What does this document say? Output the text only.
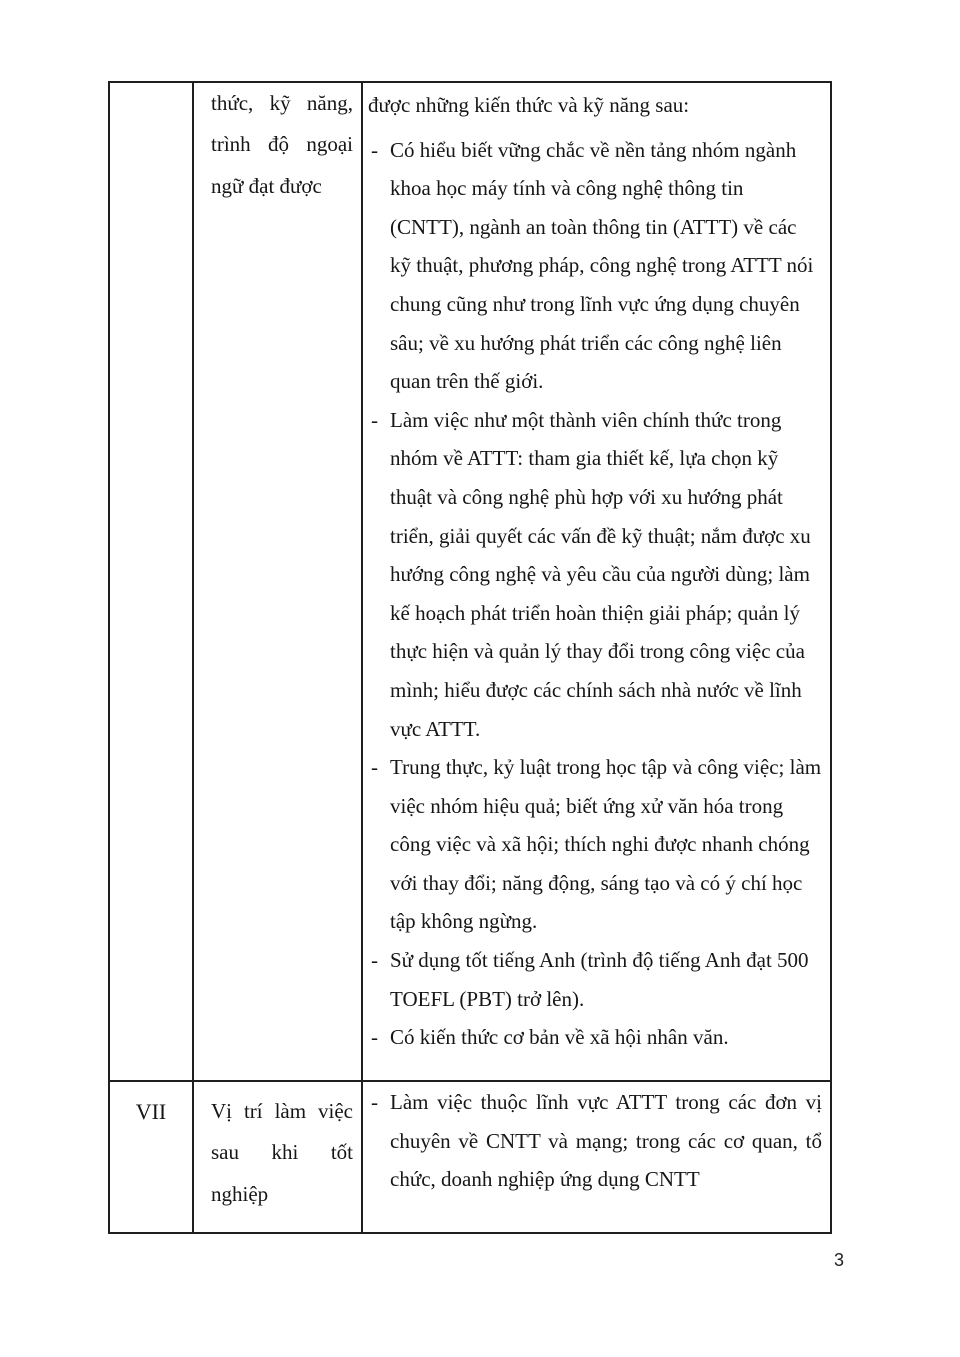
thức, kỹ năng, trình độ ngoại ngữ đạt được
được những kiến thức và kỹ năng sau:
- Có hiểu biết vững chắc về nền tảng nhóm ngành khoa học máy tính và công nghệ thông tin (CNTT), ngành an toàn thông tin (ATTT) về các kỹ thuật, phương pháp, công nghệ trong ATTT nói chung cũng như trong lĩnh vực ứng dụng chuyên sâu; về xu hướng phát triển các công nghệ liên quan trên thế giới.
- Làm việc như một thành viên chính thức trong nhóm về ATTT: tham gia thiết kế, lựa chọn kỹ thuật và công nghệ phù hợp với xu hướng phát triển, giải quyết các vấn đề kỹ thuật; nắm được xu hướng công nghệ và yêu cầu của người dùng; làm kế hoạch phát triển hoàn thiện giải pháp; quản lý thực hiện và quản lý thay đổi trong công việc của mình; hiểu được các chính sách nhà nước về lĩnh vực ATTT.
- Trung thực, kỷ luật trong học tập và công việc; làm việc nhóm hiệu quả; biết ứng xử văn hóa trong công việc và xã hội; thích nghi được nhanh chóng với thay đổi; năng động, sáng tạo và có ý chí học tập không ngừng.
- Sử dụng tốt tiếng Anh (trình độ tiếng Anh đạt 500 TOEFL (PBT) trở lên).
- Có kiến thức cơ bản về xã hội nhân văn.
VII	Vị trí làm việc sau khi tốt nghiệp
- Làm việc thuộc lĩnh vực ATTT trong các đơn vị chuyên về CNTT và mạng; trong các cơ quan, tổ chức, doanh nghiệp ứng dụng CNTT
3
